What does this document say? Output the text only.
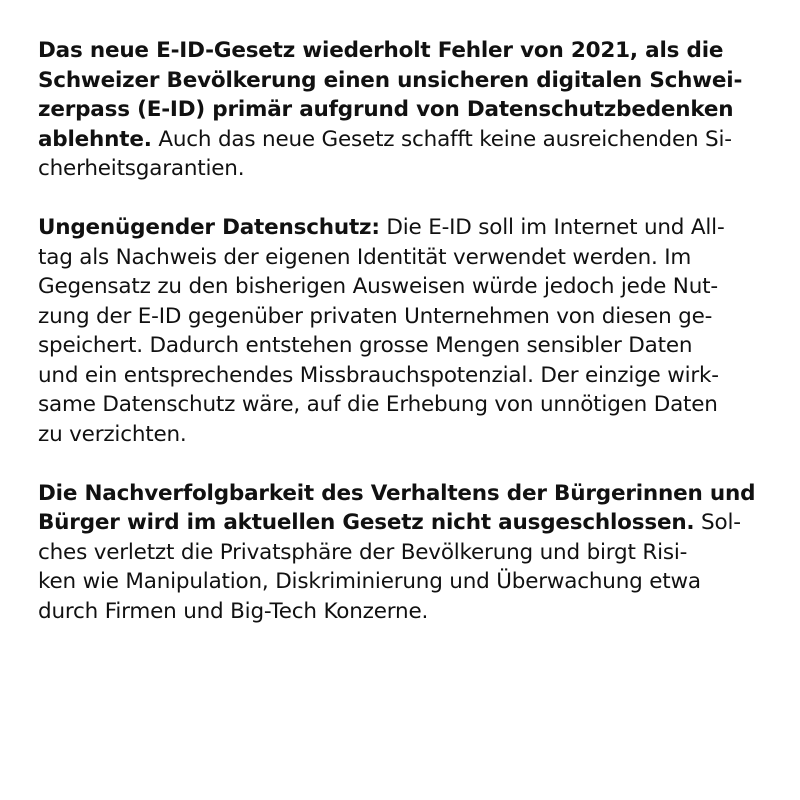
Das neue E-ID-Gesetz wiederholt Fehler von 2021, als die
Schweizer Bevölkerung einen unsicheren digitalen Schwei-
zerpass (E-ID) primär aufgrund von Datenschutzbedenken
ablehnte. Auch das neue Gesetz schafft keine ausreichenden Si-
cherheitsgarantien.

Ungenügender Datenschutz: Die E-ID soll im Internet und All-
tag als Nachweis der eigenen Identität verwendet werden. Im
Gegensatz zu den bisherigen Ausweisen würde jedoch jede Nut-
zung der E-ID gegenüber privaten Unternehmen von diesen ge-
speichert. Dadurch entstehen grosse Mengen sensibler Daten
und ein entsprechendes Missbrauchspotenzial. Der einzige wirk-
same Datenschutz wäre, auf die Erhebung von unnötigen Daten
zu verzichten.

Die Nachverfolgbarkeit des Verhaltens der Bürgerinnen und
Bürger wird im aktuellen Gesetz nicht ausgeschlossen. Sol-
ches verletzt die Privatsphäre der Bevölkerung und birgt Risi-
ken wie Manipulation, Diskriminierung und Überwachung etwa
durch Firmen und Big-Tech Konzerne.
